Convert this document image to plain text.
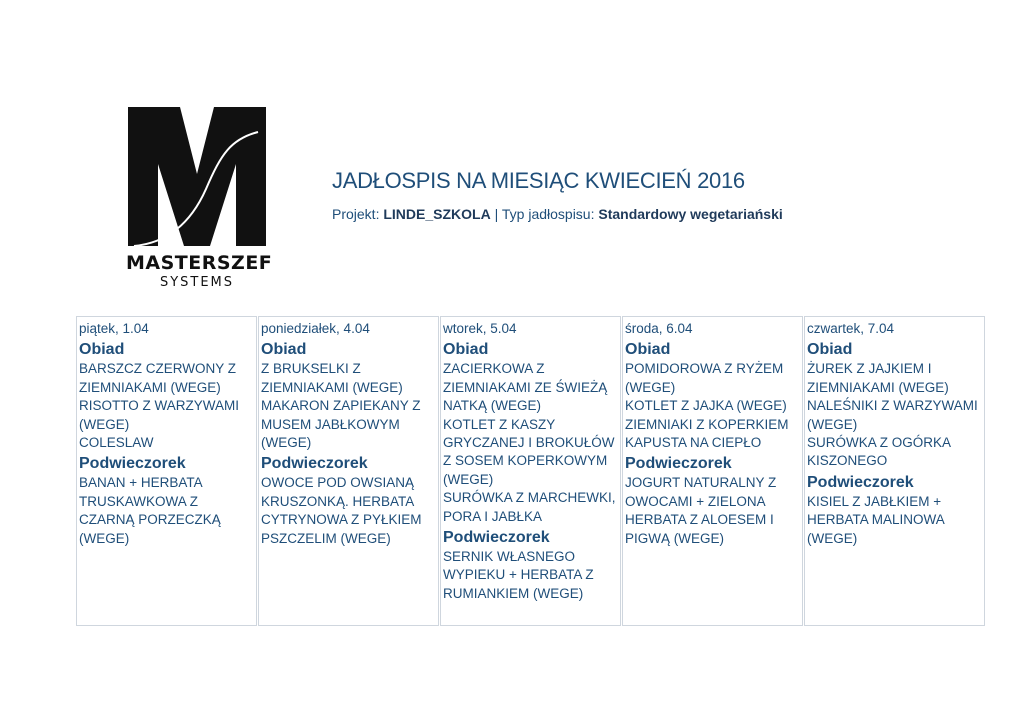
MASTERSZEF
SYSTEMS
JADŁOSPIS NA MIESIĄC KWIECIEŃ 2016
Projekt: LINDE_SZKOLA | Typ jadłospisu: Standardowy wegetariański
piątek, 1.04
Obiad
BARSZCZ CZERWONY Z ZIEMNIAKAMI (WEGE)
RISOTTO Z WARZYWAMI (WEGE)
COLESLAW
Podwieczorek
BANAN + HERBATA TRUSKAWKOWA Z CZARNĄ PORZECZKĄ (WEGE)
poniedziałek, 4.04
Obiad
Z BRUKSELKI Z ZIEMNIAKAMI (WEGE)
MAKARON ZAPIEKANY Z MUSEM JABŁKOWYM (WEGE)
Podwieczorek
OWOCE POD OWSIANĄ KRUSZONKĄ. HERBATA CYTRYNOWA Z PYŁKIEM PSZCZELIM (WEGE)
wtorek, 5.04
Obiad
ZACIERKOWA Z ZIEMNIAKAMI ZE ŚWIEŻĄ NATKĄ (WEGE)
KOTLET Z KASZY GRYCZANEJ I BROKUŁÓW Z SOSEM KOPERKOWYM (WEGE)
SURÓWKA Z MARCHEWKI, PORA I JABŁKA
Podwieczorek
SERNIK WŁASNEGO WYPIEKU + HERBATA Z RUMIANKIEM (WEGE)
środa, 6.04
Obiad
POMIDOROWA Z RYŻEM (WEGE)
KOTLET Z JAJKA (WEGE)
ZIEMNIAKI Z KOPERKIEM
KAPUSTA NA CIEPŁO
Podwieczorek
JOGURT NATURALNY Z OWOCAMI + ZIELONA HERBATA Z ALOESEM I PIGWĄ (WEGE)
czwartek, 7.04
Obiad
ŻUREK Z JAJKIEM I ZIEMNIAKAMI (WEGE)
NALEŚNIKI Z WARZYWAMI (WEGE)
SURÓWKA Z OGÓRKA KISZONEGO
Podwieczorek
KISIEL Z JABŁKIEM + HERBATA MALINOWA (WEGE)
